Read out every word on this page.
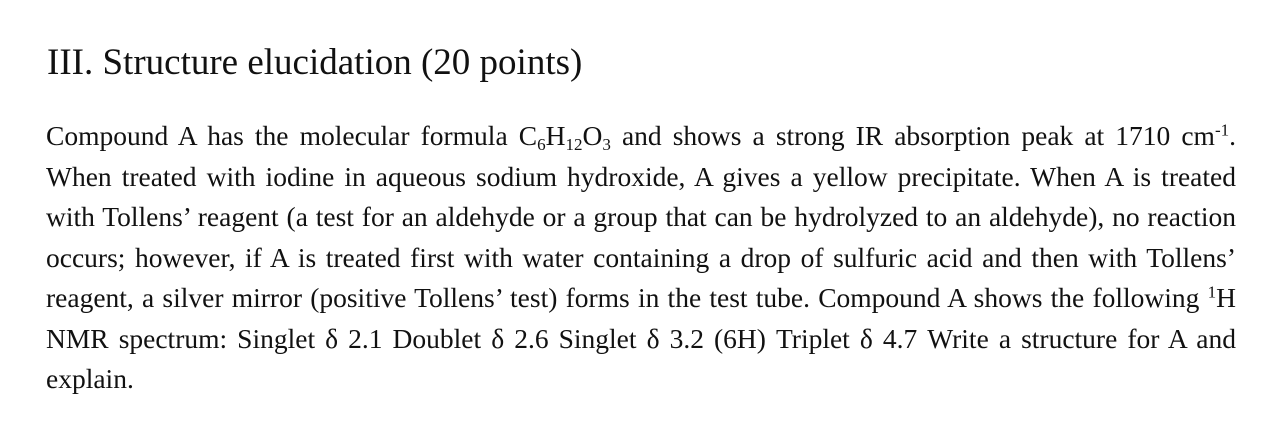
III. Structure elucidation (20 points)

Compound A has the molecular formula $C_6H_{12}O_3$ and shows a strong IR absorption peak at 1710 $cm^{-1}$. When treated with iodine in aqueous sodium hydroxide, A gives a yellow precipitate. When A is treated with Tollens’ reagent (a test for an aldehyde or a group that can be hydrolyzed to an aldehyde), no reaction occurs; however, if A is treated first with water containing a drop of sulfuric acid and then with Tollens’ reagent, a silver mirror (positive Tollens’ test) forms in the test tube. Compound A shows the following $^1$H NMR spectrum: Singlet δ 2.1 Doublet δ 2.6 Singlet δ 3.2 (6H) Triplet δ 4.7 Write a structure for A and explain.
